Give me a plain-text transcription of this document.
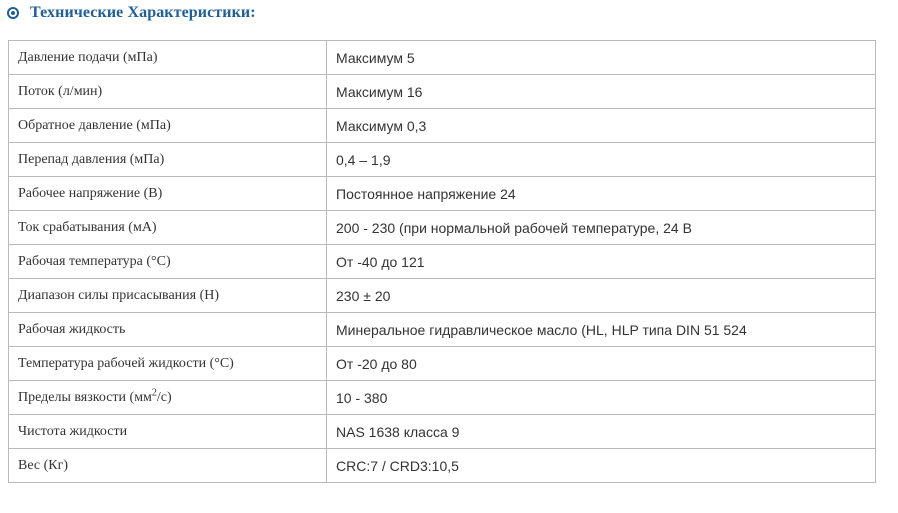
Технические Характеристики:
Давление подачи (мПа)	Максимум 5
Поток (л/мин)	Максимум 16
Обратное давление (мПа)	Максимум 0,3
Перепад давления (мПа)	0,4 – 1,9
Рабочее напряжение (В)	Постоянное напряжение 24
Ток срабатывания (мА)	200 - 230 (при нормальной рабочей температуре, 24 В
Рабочая температура (°С)	От -40 до 121
Диапазон силы присасывания (Н)	230 ± 20
Рабочая жидкость	Минеральное гидравлическое масло (HL, HLP типа DIN 51 524
Температура рабочей жидкости (°С)	От -20 до 80
Пределы вязкости $(мм^2/с)$	10 - 380
Чистота жидкости	NAS 1638 класса 9
Вес (Кг)	CRC:7 / CRD3:10,5
